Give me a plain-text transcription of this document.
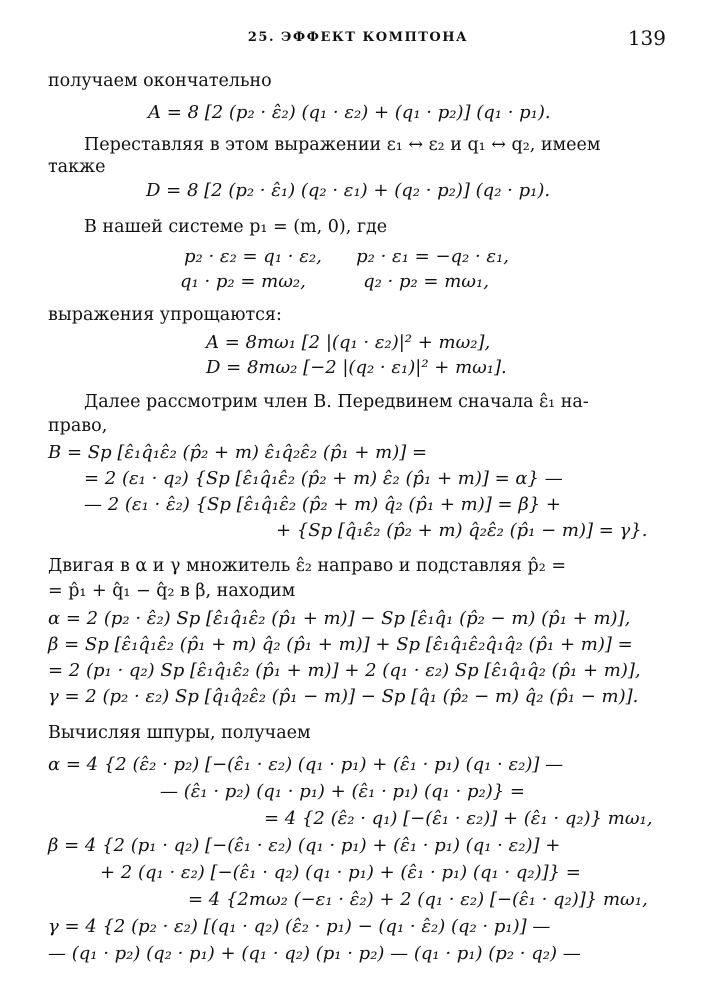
25. ЭФФЕКТ КОМПТОНА	139
получаем окончательно
A = 8 [2 (p₂ · ε̂₂) (q₁ · ε₂) + (q₁ · p₂)] (q₁ · p₁).
Переставляя в этом выражении ε₁ ↔ ε₂ и q₁ ↔ q₂, имеем
также
D = 8 [2 (p₂ · ε̂₁) (q₂ · ε₁) + (q₂ · p₂)] (q₂ · p₁).
В нашей системе p₁ = (m, 0), где
p₂ · ε₂ = q₁ · ε₂,      p₂ · ε₁ = −q₂ · ε₁,
q₁ · p₂ = mω₂,          q₂ · p₂ = mω₁,
выражения упрощаются:
A = 8mω₁ [2 |(q₁ · ε₂)|² + mω₂],
D = 8mω₂ [−2 |(q₂ · ε₁)|² + mω₁].
Далее рассмотрим член B. Передвинем сначала ε̂₁ на-
право,
B = Sp [ε̂₁q̂₁ε̂₂ (p̂₂ + m) ε̂₁q̂₂ε̂₂ (p̂₁ + m)] =
= 2 (ε₁ · q₂) {Sp [ε̂₁q̂₁ε̂₂ (p̂₂ + m) ε̂₂ (p̂₁ + m)] = α} —
— 2 (ε₁ · ε̂₂) {Sp [ε̂₁q̂₁ε̂₂ (p̂₂ + m) q̂₂ (p̂₁ + m)] = β} +
+ {Sp [q̂₁ε̂₂ (p̂₂ + m) q̂₂ε̂₂ (p̂₁ − m)] = γ}.
Двигая в α и γ множитель ε̂₂ направо и подставляя p̂₂ =
= p̂₁ + q̂₁ − q̂₂ в β, находим
α = 2 (p₂ · ε̂₂) Sp [ε̂₁q̂₁ε̂₂ (p̂₁ + m)] − Sp [ε̂₁q̂₁ (p̂₂ − m) (p̂₁ + m)],
β = Sp [ε̂₁q̂₁ε̂₂ (p̂₁ + m) q̂₂ (p̂₁ + m)] + Sp [ε̂₁q̂₁ε̂₂q̂₁q̂₂ (p̂₁ + m)] =
= 2 (p₁ · q₂) Sp [ε̂₁q̂₁ε̂₂ (p̂₁ + m)] + 2 (q₁ · ε₂) Sp [ε̂₁q̂₁q̂₂ (p̂₁ + m)],
γ = 2 (p₂ · ε₂) Sp [q̂₁q̂₂ε̂₂ (p̂₁ − m)] − Sp [q̂₁ (p̂₂ − m) q̂₂ (p̂₁ − m)].
Вычисляя шпуры, получаем
α = 4 {2 (ε̂₂ · p₂) [−(ε̂₁ · ε₂) (q₁ · p₁) + (ε̂₁ · p₁) (q₁ · ε₂)] —
— (ε̂₁ · p₂) (q₁ · p₁) + (ε̂₁ · p₁) (q₁ · p₂)} =
= 4 {2 (ε̂₂ · q₁) [−(ε̂₁ · ε₂)] + (ε̂₁ · q₂)} mω₁,
β = 4 {2 (p₁ · q₂) [−(ε̂₁ · ε₂) (q₁ · p₁) + (ε̂₁ · p₁) (q₁ · ε₂)] +
+ 2 (q₁ · ε₂) [−(ε̂₁ · q₂) (q₁ · p₁) + (ε̂₁ · p₁) (q₁ · q₂)]} =
= 4 {2mω₂ (−ε₁ · ε̂₂) + 2 (q₁ · ε₂) [−(ε̂₁ · q₂)]} mω₁,
γ = 4 {2 (p₂ · ε₂) [(q₁ · q₂) (ε̂₂ · p₁) − (q₁ · ε̂₂) (q₂ · p₁)] —
— (q₁ · p₂) (q₂ · p₁) + (q₁ · q₂) (p₁ · p₂) — (q₁ · p₁) (p₂ · q₂) —
